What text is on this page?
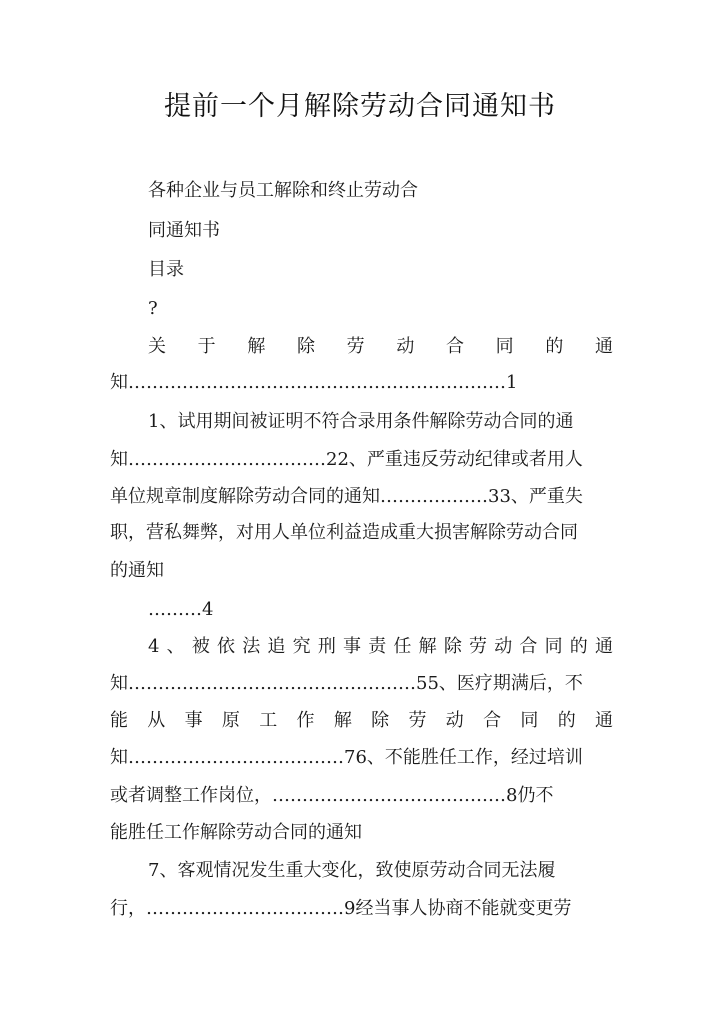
提前一个月解除劳动合同通知书
各种企业与员工解除和终止劳动合
同通知书
目录
?
关于解除劳动合同的通
知………………………………………………………1
1、试用期间被证明不符合录用条件解除劳动合同的通
知……………………………22、严重违反劳动纪律或者用人
单位规章制度解除劳动合同的通知………………33、严重失
职，营私舞弊，对用人单位利益造成重大损害解除劳动合同
的通知
………4
4、被依法追究刑事责任解除劳动合同的通
知…………………………………………55、医疗期满后，不
能从事原工作解除劳动合同的通
知………………………………76、不能胜任工作，经过培训
或者调整工作岗位，…………………………………8仍不
能胜任工作解除劳动合同的通知
7、客观情况发生重大变化，致使原劳动合同无法履
行，……………………………9经当事人协商不能就变更劳
